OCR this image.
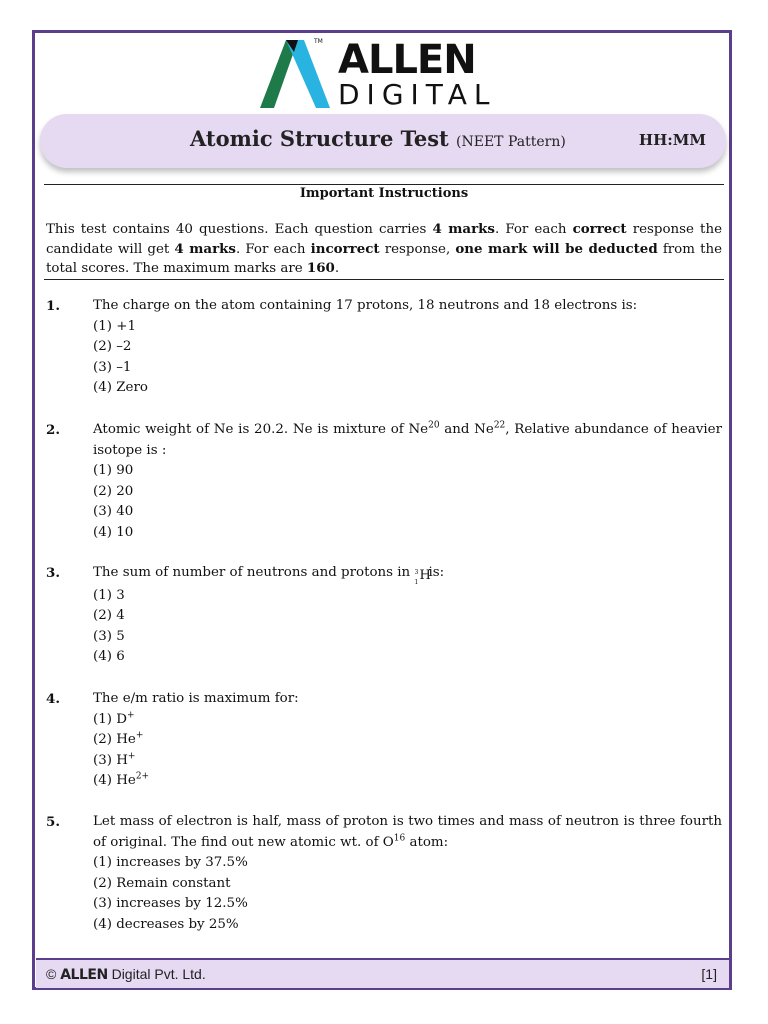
TM ALLEN
DIGITAL
Atomic Structure Test (NEET Pattern)	HH:MM
Important Instructions
This test contains 40 questions. Each question carries 4 marks. For each correct response the candidate will get 4 marks. For each incorrect response, one mark will be deducted from the total scores. The maximum marks are 160.
1. The charge on the atom containing 17 protons, 18 neutrons and 18 electrons is:
(1) +1
(2) –2
(3) –1
(4) Zero
2. Atomic weight of Ne is 20.2. Ne is mixture of Ne$^{20}$ and Ne$^{22}$, Relative abundance of heavier isotope is :
(1) 90
(2) 20
(3) 40
(4) 10
3. The sum of number of neutrons and protons in 3
1 H
is:
(1) 3
(2) 4
(3) 5
(4) 6
4. The e/m ratio is maximum for:
(1) D+
(2) He+
(3) H+
(4) $He^{2+}$
5. Let mass of electron is half, mass of proton is two times and mass of neutron is three fourth of original. The find out new atomic wt. of $O^{16}$ atom:
(1) increases by 37.5%
(2) Remain constant
(3) increases by 12.5%
(4) decreases by 25%
© ALLEN Digital Pvt. Ltd.	[1]
